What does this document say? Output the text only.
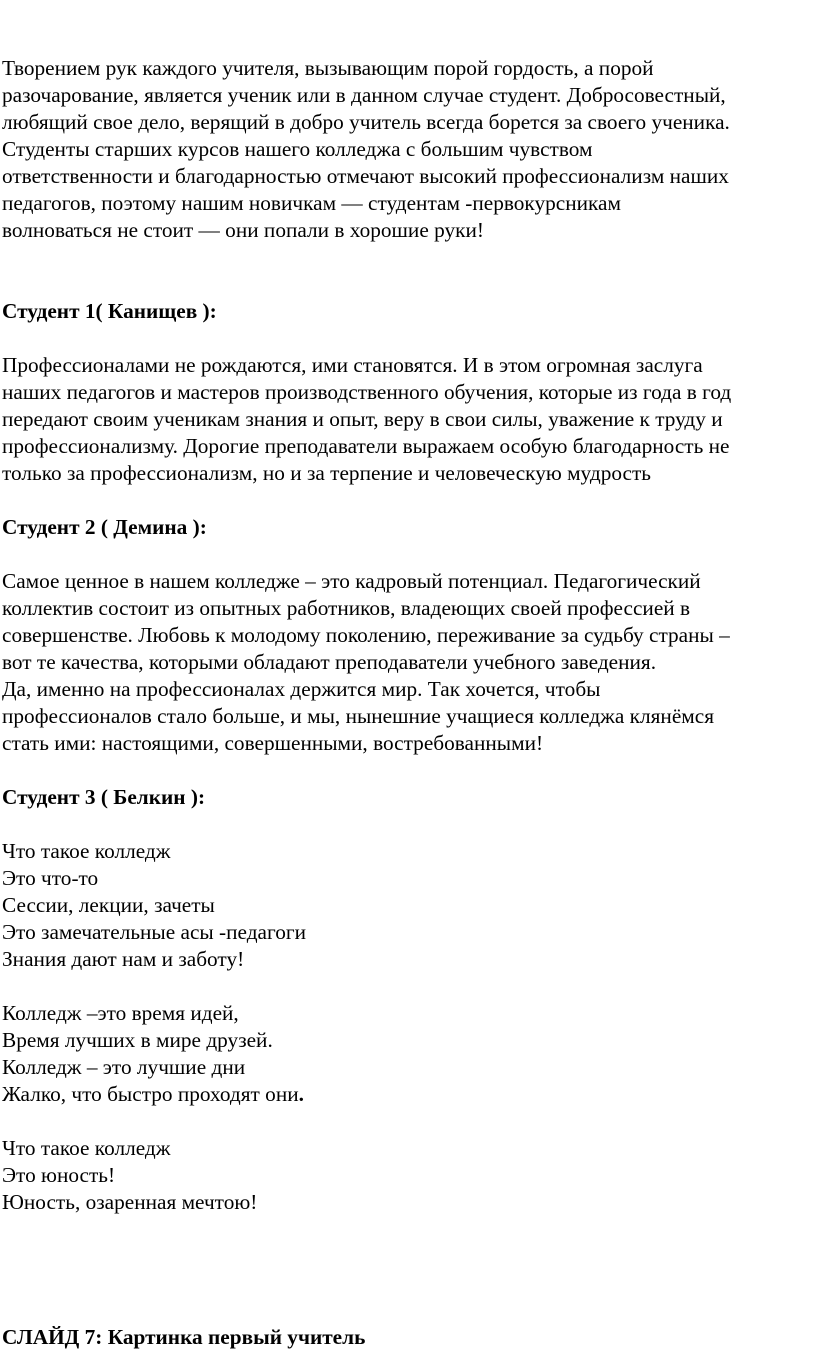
Творением рук каждого учителя, вызывающим порой гордость, а порой
разочарование, является ученик или в данном случае студент. Добросовестный,
любящий свое дело, верящий в добро учитель всегда борется за своего ученика.
Студенты старших курсов нашего колледжа с большим чувством
ответственности и благодарностью отмечают высокий профессионализм наших
педагогов, поэтому нашим новичкам — студентам -первокурсникам
волноваться не стоит — они попали в хорошие руки!

Студент 1( Канищев ):

Профессионалами не рождаются, ими становятся. И в этом огромная заслуга
наших педагогов и мастеров производственного обучения, которые из года в год
передают своим ученикам знания и опыт, веру в свои силы, уважение к труду и
профессионализму. Дорогие преподаватели выражаем особую благодарность не
только за профессионализм, но и за терпение и человеческую мудрость

Студент 2 ( Демина ):

Самое ценное в нашем колледже – это кадровый потенциал. Педагогический
коллектив состоит из опытных работников, владеющих своей профессией в
совершенстве. Любовь к молодому поколению, переживание за судьбу страны –
вот те качества, которыми обладают преподаватели учебного заведения.
Да, именно на профессионалах держится мир. Так хочется, чтобы
профессионалов стало больше, и мы, нынешние учащиеся колледжа клянёмся
стать ими: настоящими, совершенными, востребованными!

Студент 3 ( Белкин ):

Что такое колледж
Это что-то
Сессии, лекции, зачеты
Это замечательные асы -педагоги
Знания дают нам и заботу!

Колледж –это время идей,
Время лучших в мире друзей.
Колледж – это лучшие дни
Жалко, что быстро проходят они.

Что такое колледж
Это юность!
Юность, озаренная мечтою!

СЛАЙД 7: Картинка первый учитель
